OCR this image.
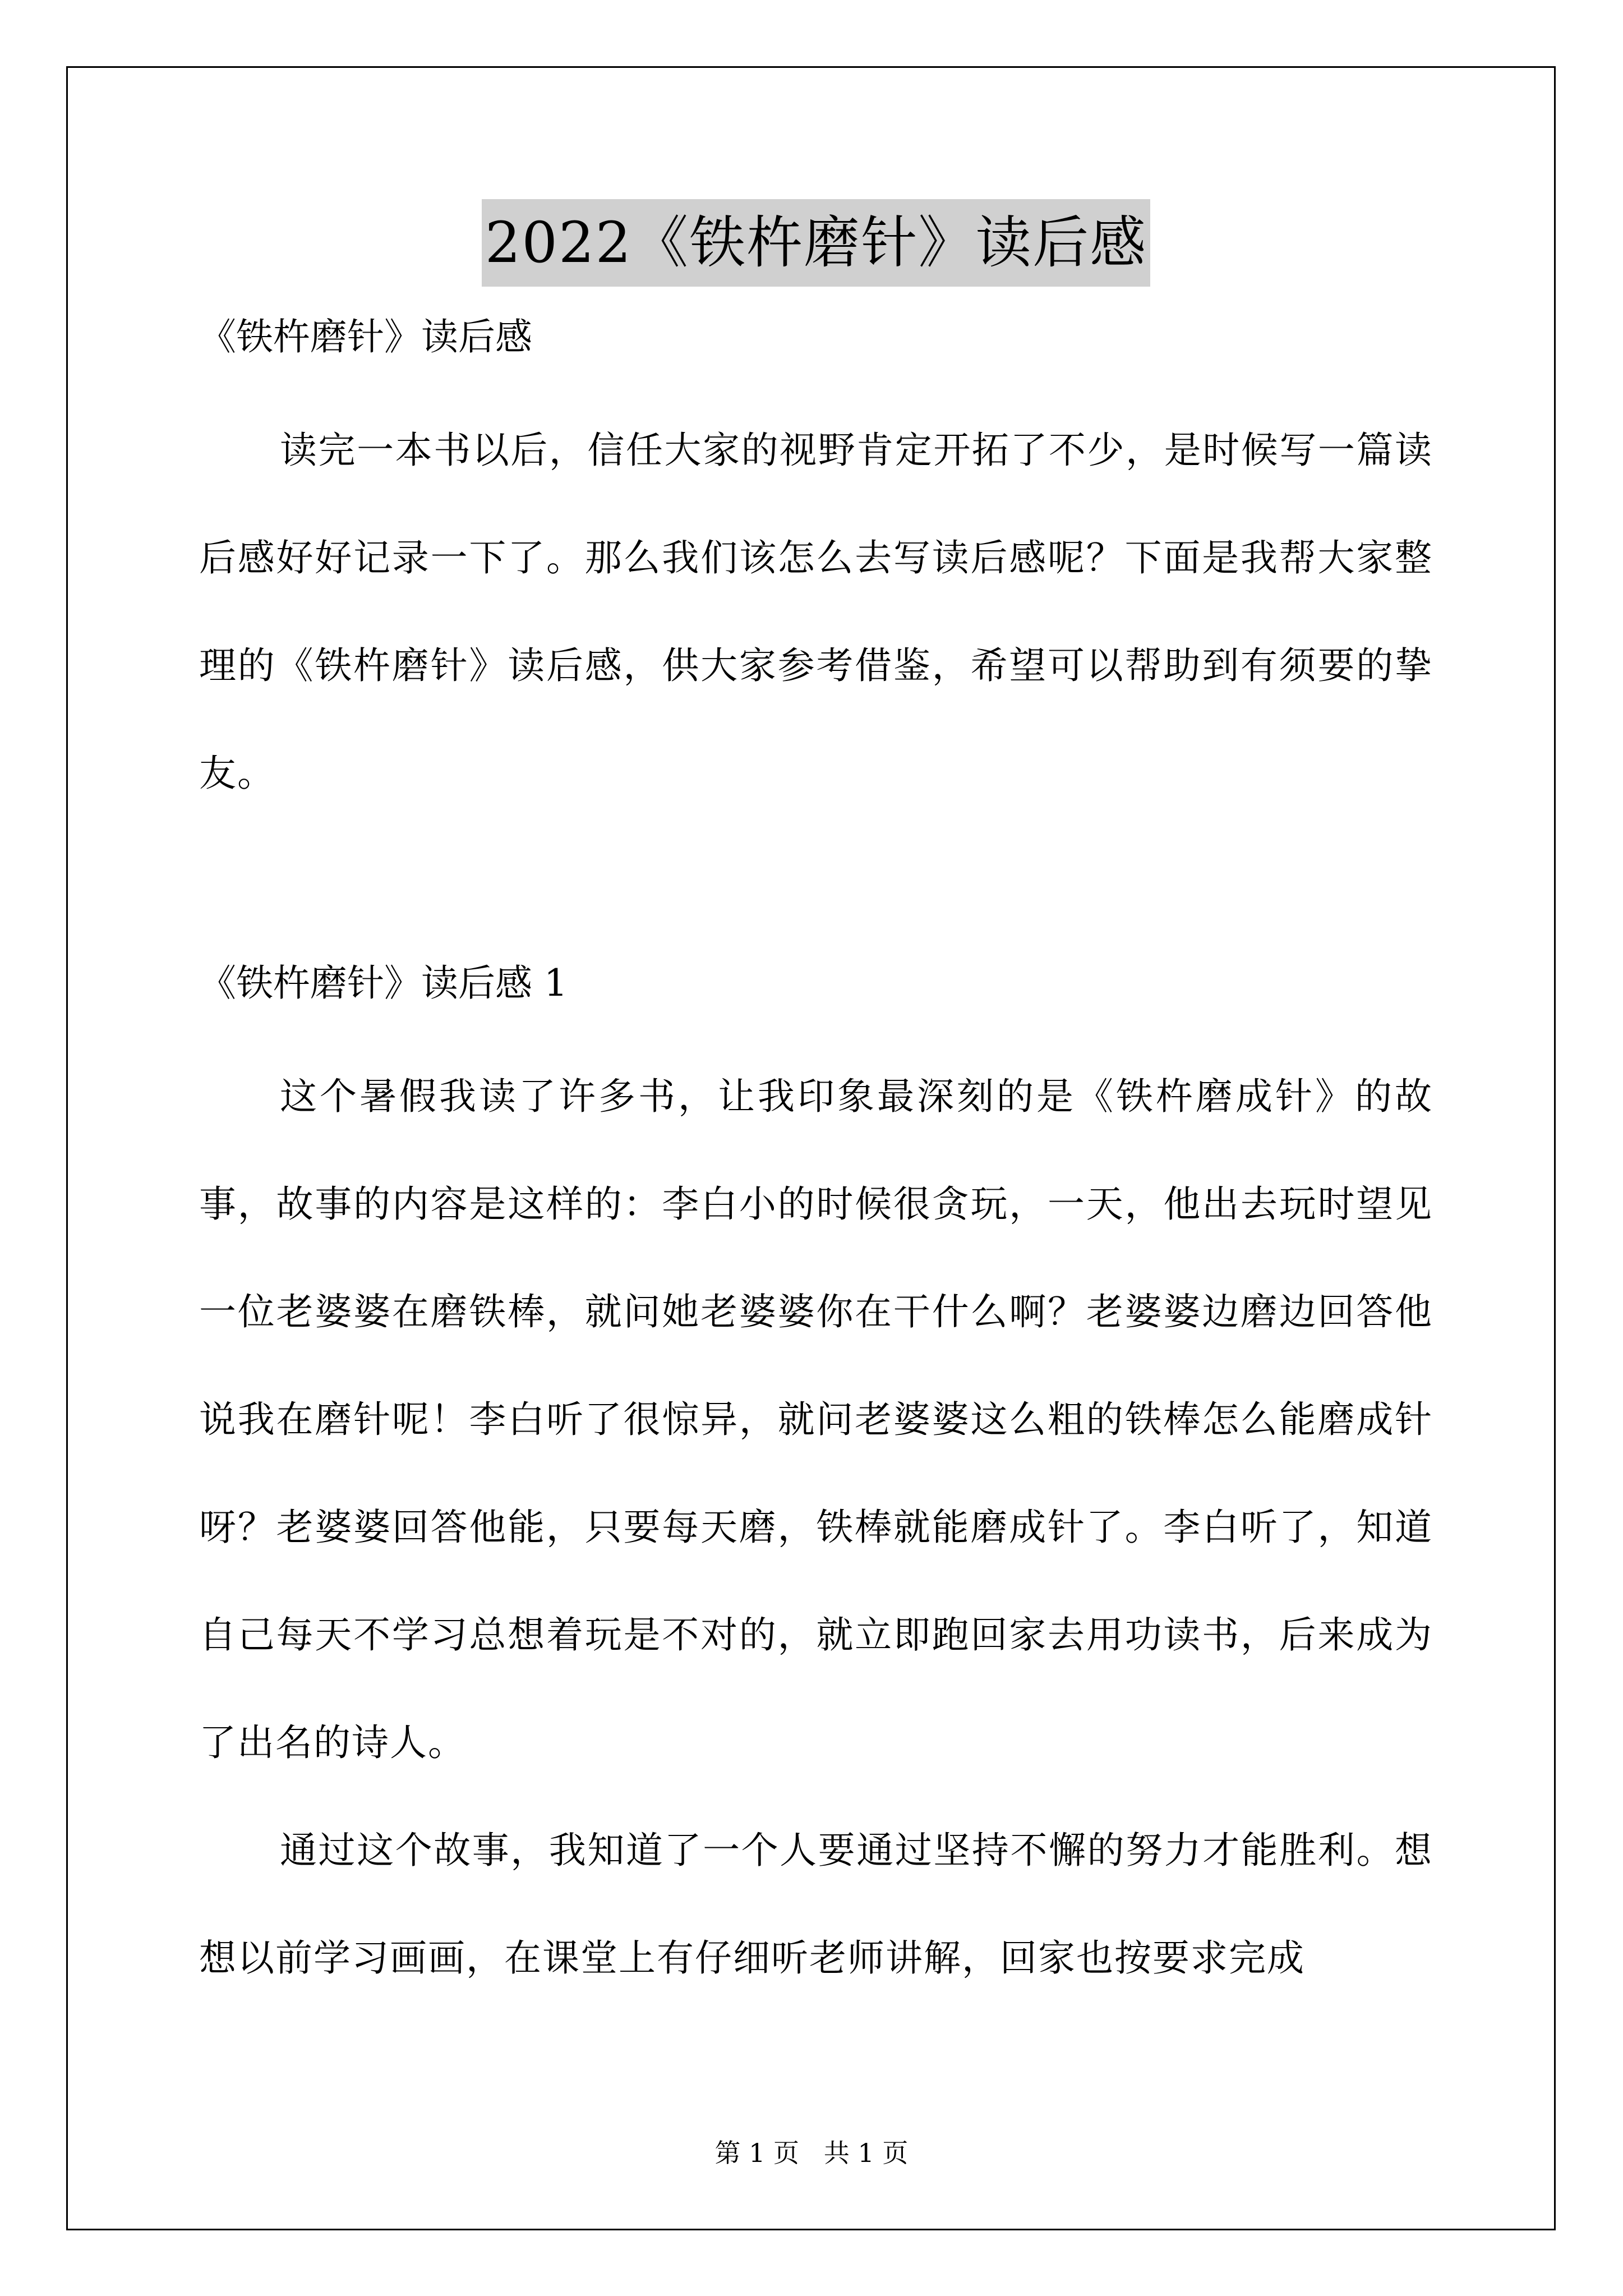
2022《铁杵磨针》读后感
《铁杵磨针》读后感

读完一本书以后，信任大家的视野肯定开拓了不少，是时候写一篇读后感好好记录一下了。那么我们该怎么去写读后感呢？下面是我帮大家整理的《铁杵磨针》读后感，供大家参考借鉴，希望可以帮助到有须要的挚友。

《铁杵磨针》读后感 1

这个暑假我读了许多书，让我印象最深刻的是《铁杵磨成针》的故事，故事的内容是这样的：李白小的时候很贪玩，一天，他出去玩时望见一位老婆婆在磨铁棒，就问她老婆婆你在干什么啊？老婆婆边磨边回答他说我在磨针呢！李白听了很惊异，就问老婆婆这么粗的铁棒怎么能磨成针呀？老婆婆回答他能，只要每天磨，铁棒就能磨成针了。李白听了，知道自己每天不学习总想着玩是不对的，就立即跑回家去用功读书，后来成为了出名的诗人。

通过这个故事，我知道了一个人要通过坚持不懈的努力才能胜利。想想以前学习画画，在课堂上有仔细听老师讲解，回家也按要求完成

第 1 页   共 1 页
